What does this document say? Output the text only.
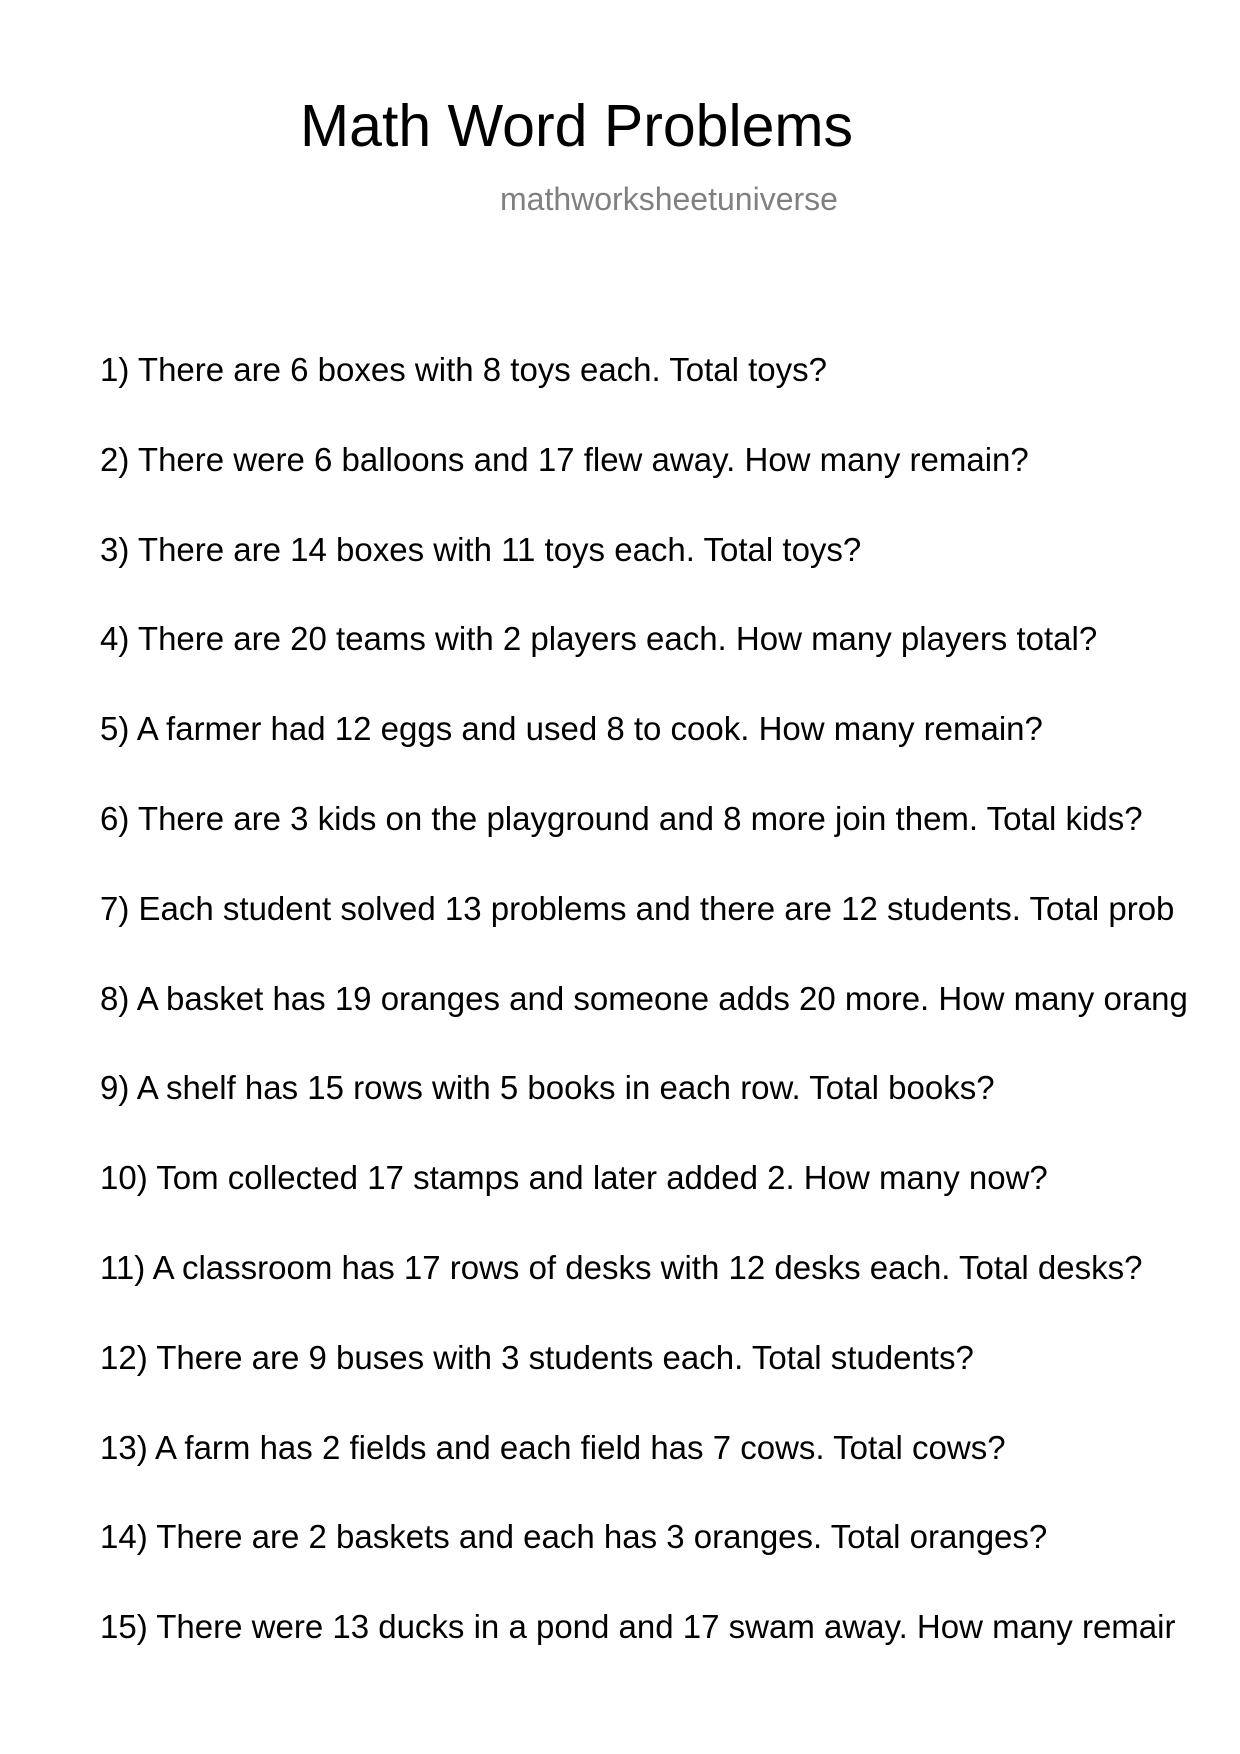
Math Word Problems
mathworksheetuniverse
1) There are 6 boxes with 8 toys each. Total toys?
2) There were 6 balloons and 17 flew away. How many remain?
3) There are 14 boxes with 11 toys each. Total toys?
4) There are 20 teams with 2 players each. How many players total?
5) A farmer had 12 eggs and used 8 to cook. How many remain?
6) There are 3 kids on the playground and 8 more join them. Total kids?
7) Each student solved 13 problems and there are 12 students. Total prob
8) A basket has 19 oranges and someone adds 20 more. How many orang
9) A shelf has 15 rows with 5 books in each row. Total books?
10) Tom collected 17 stamps and later added 2. How many now?
11) A classroom has 17 rows of desks with 12 desks each. Total desks?
12) There are 9 buses with 3 students each. Total students?
13) A farm has 2 fields and each field has 7 cows. Total cows?
14) There are 2 baskets and each has 3 oranges. Total oranges?
15) There were 13 ducks in a pond and 17 swam away. How many remair
